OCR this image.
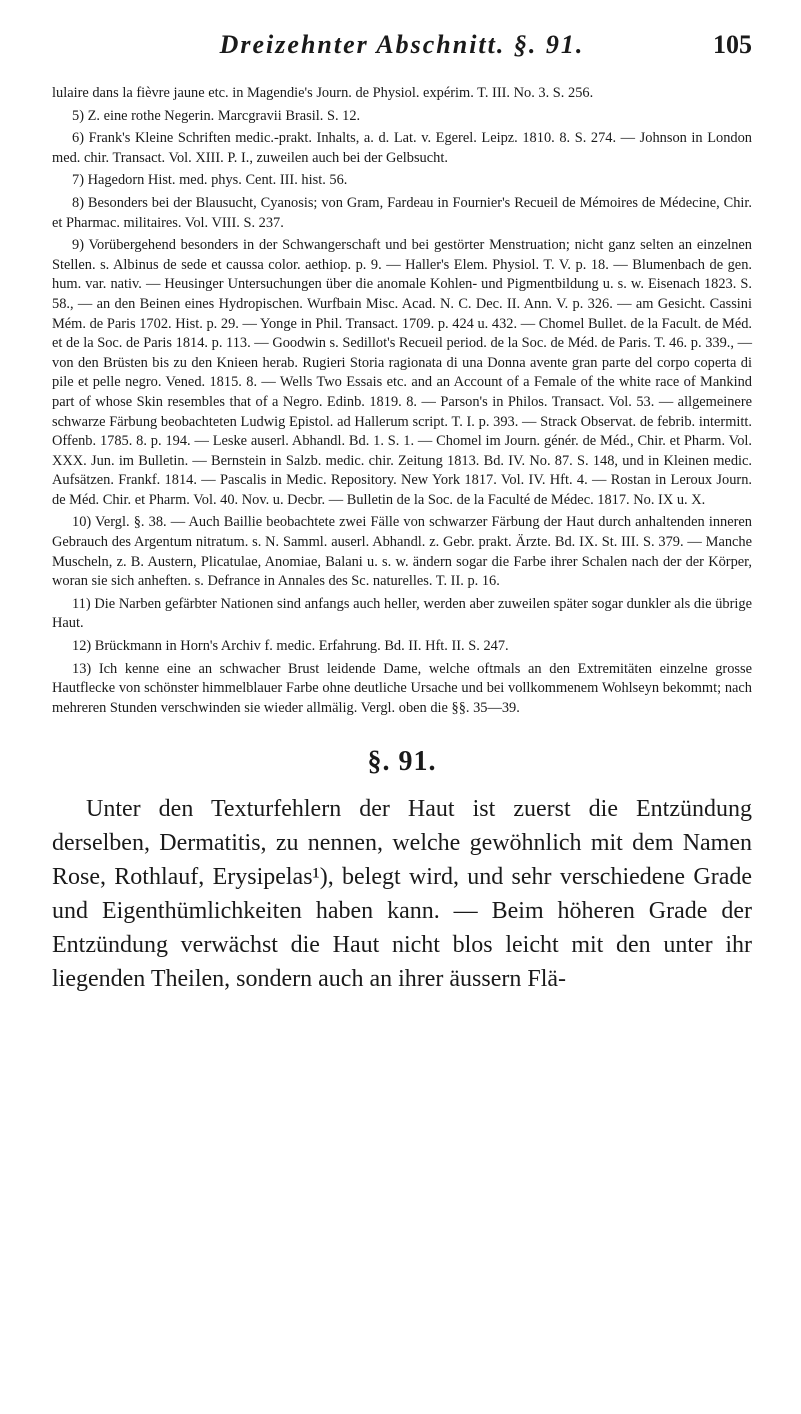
Dreizehnter Abschnitt. §. 91.	105

lulaire dans la fièvre jaune etc. in Magendie's Journ. de Physiol. expérim. T. III. No. 3. S. 256.

5) Z. eine rothe Negerin. Marcgravii Brasil. S. 12.

6) Frank's Kleine Schriften medic.-prakt. Inhalts, a. d. Lat. v. Egerel. Leipz. 1810. 8. S. 274. — Johnson in London med. chir. Transact. Vol. XIII. P. I., zuweilen auch bei der Gelbsucht.

7) Hagedorn Hist. med. phys. Cent. III. hist. 56.

8) Besonders bei der Blausucht, Cyanosis; von Gram, Fardeau in Fournier's Recueil de Mémoires de Médecine, Chir. et Pharmac. militaires. Vol. VIII. S. 237.

9) Vorübergehend besonders in der Schwangerschaft und bei gestörter Menstruation; nicht ganz selten an einzelnen Stellen. s. Albinus de sede et caussa color. aethiop. p. 9. — Haller's Elem. Physiol. T. V. p. 18. — Blumenbach de gen. hum. var. nativ. — Heusinger Untersuchungen über die anomale Kohlen- und Pigmentbildung u. s. w. Eisenach 1823. S. 58., — an den Beinen eines Hydropischen. Wurfbain Misc. Acad. N. C. Dec. II. Ann. V. p. 326. — am Gesicht. Cassini Mém. de Paris 1702. Hist. p. 29. — Yonge in Phil. Transact. 1709. p. 424 u. 432. — Chomel Bullet. de la Facult. de Méd. et de la Soc. de Paris 1814. p. 113. — Goodwin s. Sedillot's Recueil period. de la Soc. de Méd. de Paris. T. 46. p. 339., — von den Brüsten bis zu den Knieen herab. Rugieri Storia ragionata di una Donna avente gran parte del corpo coperta di pile et pelle negro. Vened. 1815. 8. — Wells Two Essais etc. and an Account of a Female of the white race of Mankind part of whose Skin resembles that of a Negro. Edinb. 1819. 8. — Parson's in Philos. Transact. Vol. 53. — allgemeinere schwarze Färbung beobachteten Ludwig Epistol. ad Hallerum script. T. I. p. 393. — Strack Observat. de febrib. intermitt. Offenb. 1785. 8. p. 194. — Leske auserl. Abhandl. Bd. 1. S. 1. — Chomel im Journ. génér. de Méd., Chir. et Pharm. Vol. XXX. Jun. im Bulletin. — Bernstein in Salzb. medic. chir. Zeitung 1813. Bd. IV. No. 87. S. 148, und in Kleinen medic. Aufsätzen. Frankf. 1814. — Pascalis in Medic. Repository. New York 1817. Vol. IV. Hft. 4. — Rostan in Leroux Journ. de Méd. Chir. et Pharm. Vol. 40. Nov. u. Decbr. — Bulletin de la Soc. de la Faculté de Médec. 1817. No. IX u. X.

10) Vergl. §. 38. — Auch Baillie beobachtete zwei Fälle von schwarzer Färbung der Haut durch anhaltenden inneren Gebrauch des Argentum nitratum. s. N. Samml. auserl. Abhandl. z. Gebr. prakt. Ärzte. Bd. IX. St. III. S. 379. — Manche Muscheln, z. B. Austern, Plicatulae, Anomiae, Balani u. s. w. ändern sogar die Farbe ihrer Schalen nach der der Körper, woran sie sich anheften. s. Defrance in Annales des Sc. naturelles. T. II. p. 16.

11) Die Narben gefärbter Nationen sind anfangs auch heller, werden aber zuweilen später sogar dunkler als die übrige Haut.

12) Brückmann in Horn's Archiv f. medic. Erfahrung. Bd. II. Hft. II. S. 247.

13) Ich kenne eine an schwacher Brust leidende Dame, welche oftmals an den Extremitäten einzelne grosse Hautflecke von schönster himmelblauer Farbe ohne deutliche Ursache und bei vollkommenem Wohlseyn bekommt; nach mehreren Stunden verschwinden sie wieder allmälig. Vergl. oben die §§. 35—39.

§. 91.
Unter den Texturfehlern der Haut ist zuerst die Entzündung derselben, Dermatitis, zu nennen, welche gewöhnlich mit dem Namen Rose, Rothlauf, Erysipelas¹), belegt wird, und sehr verschiedene Grade und Eigenthümlichkeiten haben kann. — Beim höheren Grade der Entzündung verwächst die Haut nicht blos leicht mit den unter ihr liegenden Theilen, sondern auch an ihrer äussern Flä-
